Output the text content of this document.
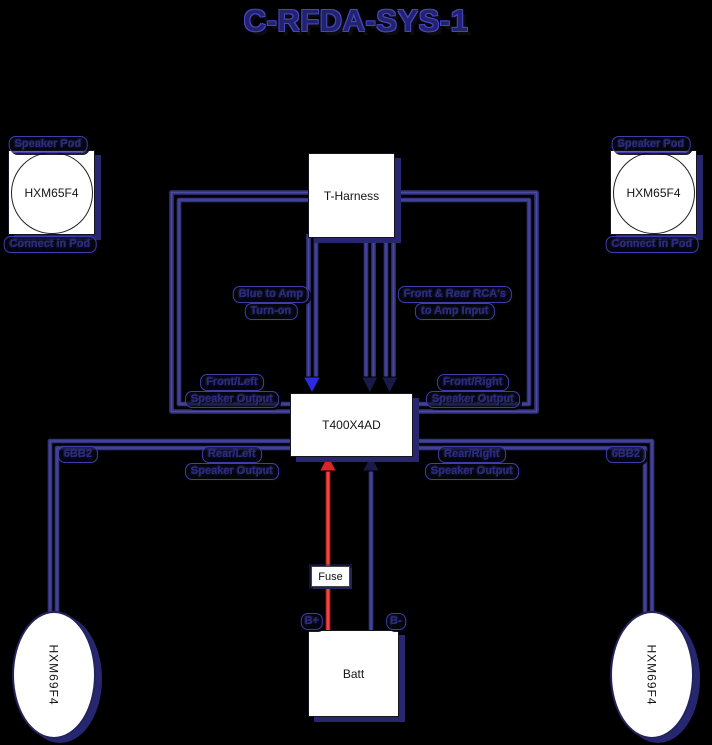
C-RFDA-SYS-1
Speaker Pod
HXM65F4
Connect in Pod
Speaker Pod
HXM65F4
Connect in Pod
T-Harness
T400X4AD
Batt
HXM69F4	HXM69F4
Blue to Amp
Turn-on
Front & Rear RCA's
to Amp Input
Front/Left
Speaker Output
Front/Right
Speaker Output
Rear/Left
Speaker Output
Rear/Right
Speaker Output
6BB2	6BB2
B+	B-
Fuse
